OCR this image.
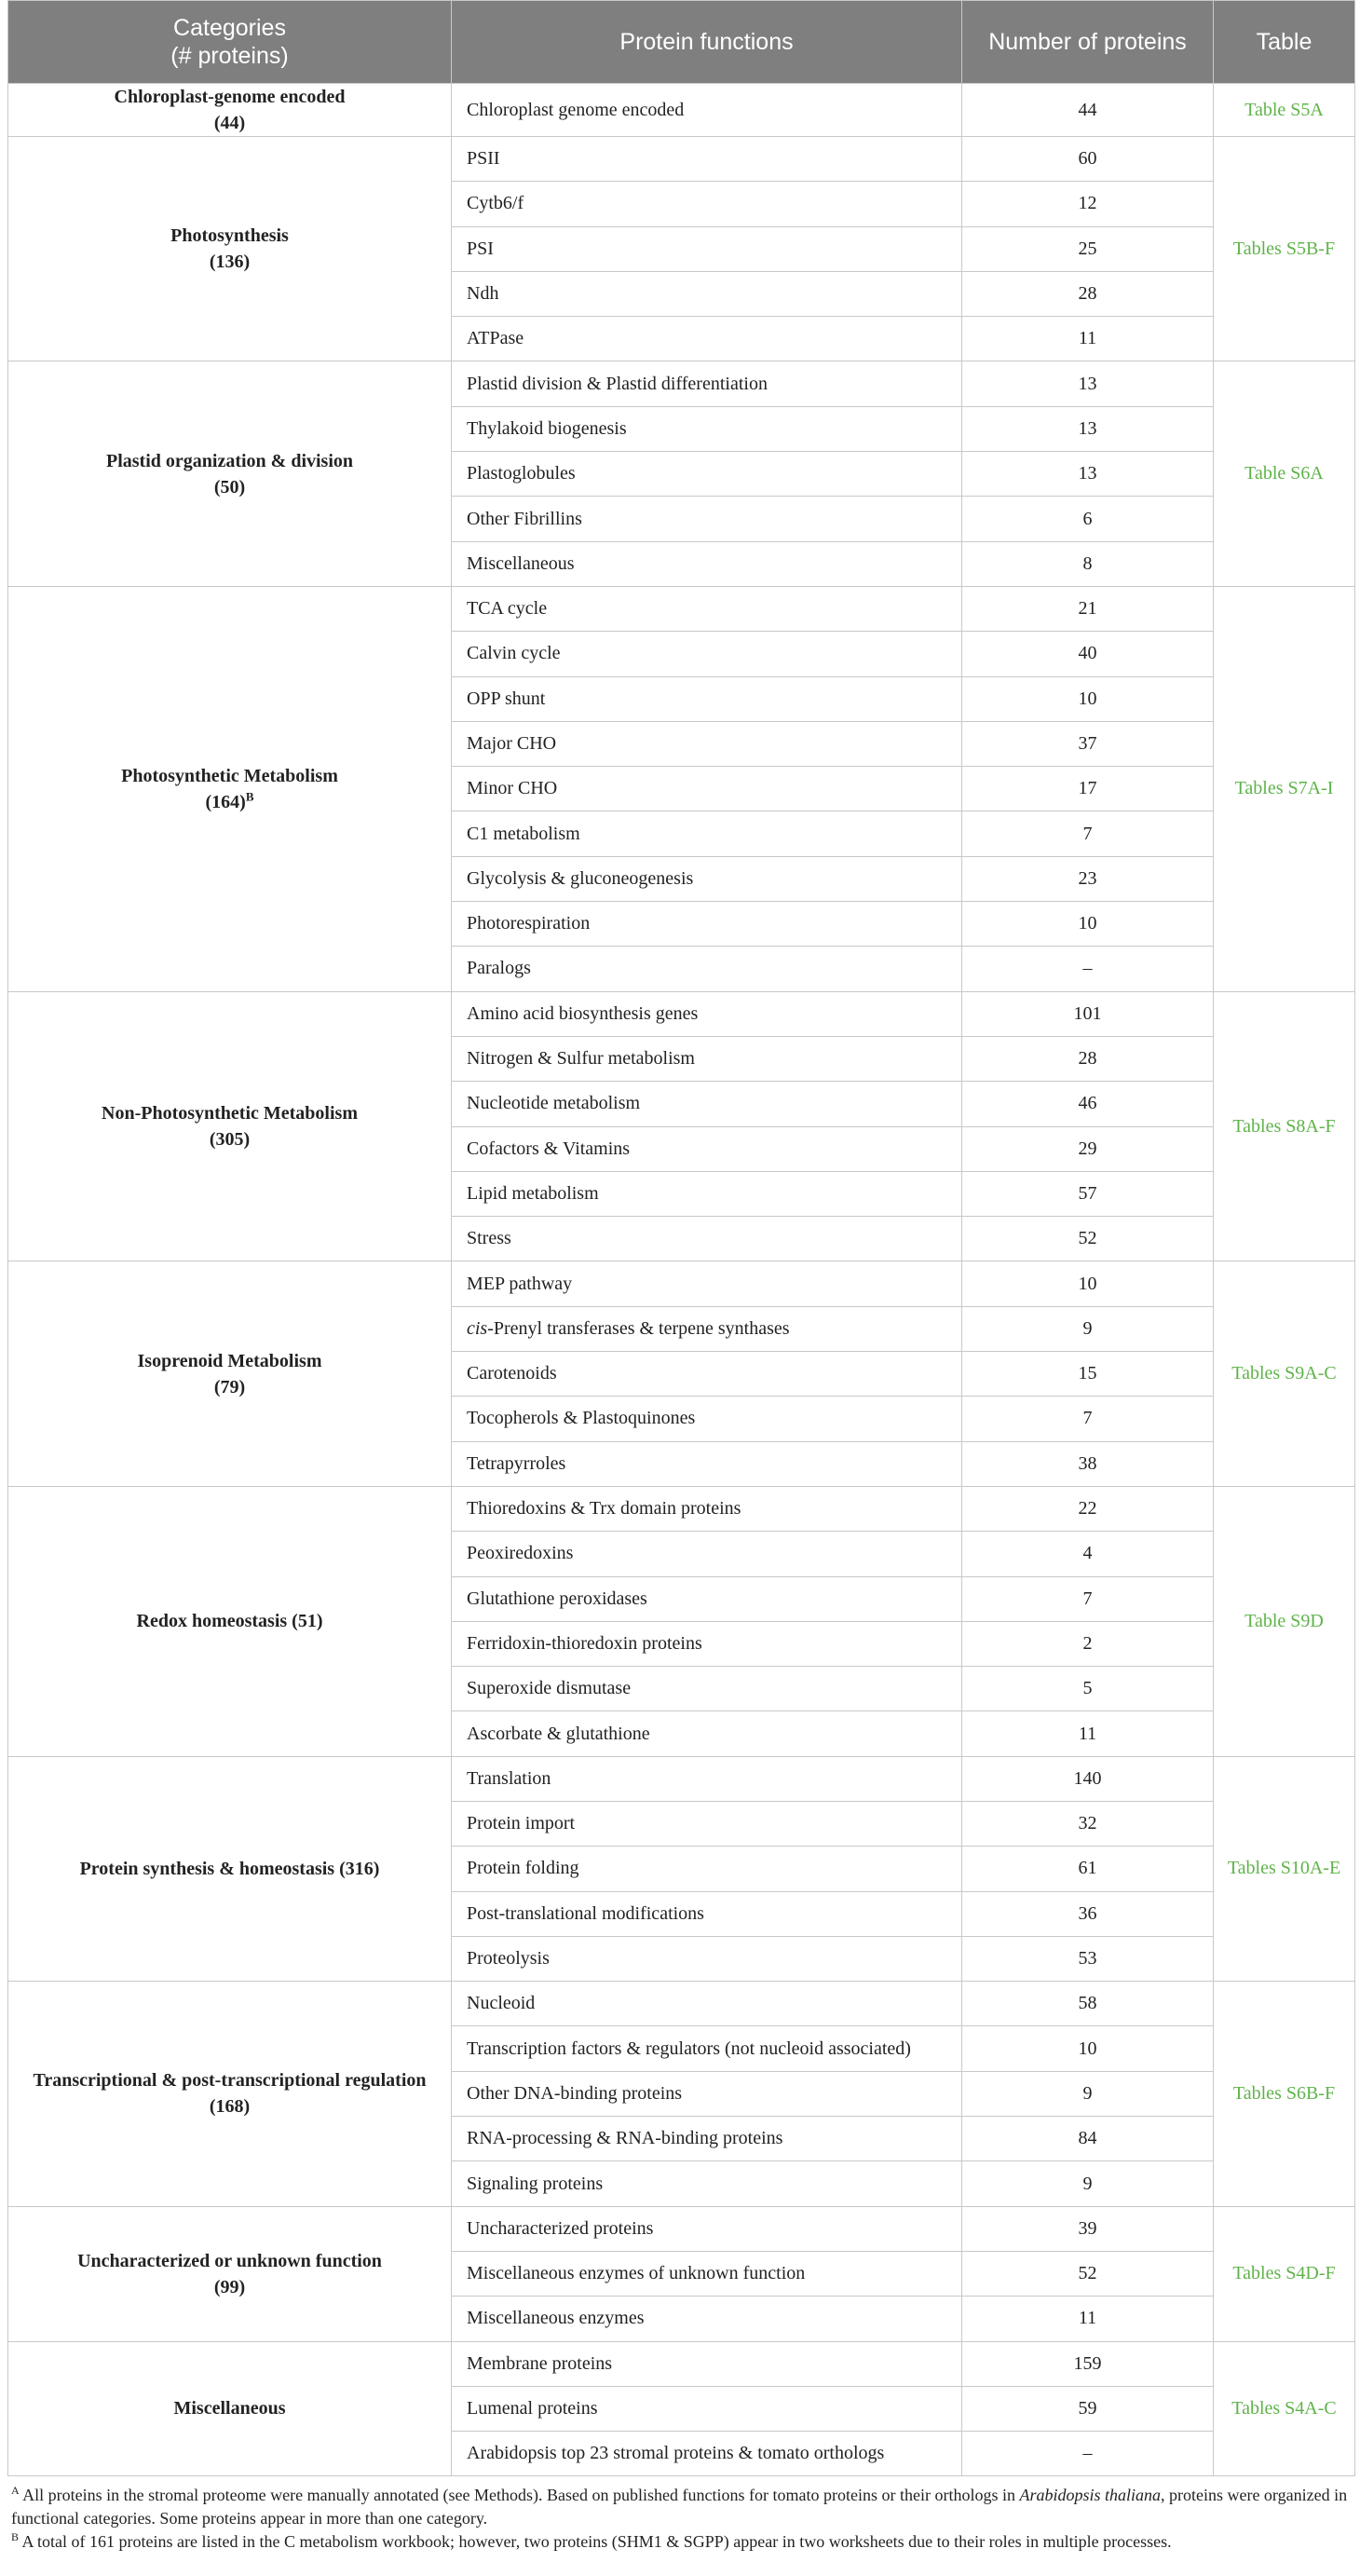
Categories
(# proteins)	Protein functions	Number of proteins	Table
Chloroplast-genome encoded
(44)	Chloroplast genome encoded	44	Table S5A
Photosynthesis
(136)	PSII	60	Tables S5B-F
	Cytb6/f	12	
	PSI	25	
	Ndh	28	
	ATPase	11	
Plastid organization & division
(50)	Plastid division & Plastid differentiation	13	Table S6A
	Thylakoid biogenesis	13	
	Plastoglobules	13	
	Other Fibrillins	6	
	Miscellaneous	8	
Photosynthetic Metabolism
$(164)^B$	TCA cycle	21	Tables S7A-I
	Calvin cycle	40	
	OPP shunt	10	
	Major CHO	37	
	Minor CHO	17	
	C1 metabolism	7	
	Glycolysis & gluconeogenesis	23	
	Photorespiration	10	
	Paralogs	–	
Non-Photosynthetic Metabolism
(305)	Amino acid biosynthesis genes	101	Tables S8A-F
	Nitrogen & Sulfur metabolism	28	
	Nucleotide metabolism	46	
	Cofactors & Vitamins	29	
	Lipid metabolism	57	
	Stress	52	
Isoprenoid Metabolism
(79)	MEP pathway	10	Tables S9A-C
	cis-Prenyl transferases & terpene synthases	9	
	Carotenoids	15	
	Tocopherols & Plastoquinones	7	
	Tetrapyrroles	38	
Redox homeostasis (51)	Thioredoxins & Trx domain proteins	22	Table S9D
	Peoxiredoxins	4	
	Glutathione peroxidases	7	
	Ferridoxin-thioredoxin proteins	2	
	Superoxide dismutase	5	
	Ascorbate & glutathione	11	
Protein synthesis & homeostasis (316)	Translation	140	Tables S10A-E
	Protein import	32	
	Protein folding	61	
	Post-translational modifications	36	
	Proteolysis	53	
Transcriptional & post-transcriptional regulation
(168)	Nucleoid	58	Tables S6B-F
	Transcription factors & regulators (not nucleoid associated)	10	
	Other DNA-binding proteins	9	
	RNA-processing & RNA-binding proteins	84	
	Signaling proteins	9	
Uncharacterized or unknown function
(99)	Uncharacterized proteins	39	Tables S4D-F
	Miscellaneous enzymes of unknown function	52	
	Miscellaneous enzymes	11	
Miscellaneous	Membrane proteins	159	Tables S4A-C
	Lumenal proteins	59	
	Arabidopsis top 23 stromal proteins & tomato orthologs	–	

$^A$ All proteins in the stromal proteome were manually annotated (see Methods). Based on published functions for tomato proteins or their orthologs in Arabidopsis thaliana, proteins were organized in functional categories. Some proteins appear in more than one category.

$^B$ A total of 161 proteins are listed in the C metabolism workbook; however, two proteins (SHM1 & SGPP) appear in two worksheets due to their roles in multiple processes.
